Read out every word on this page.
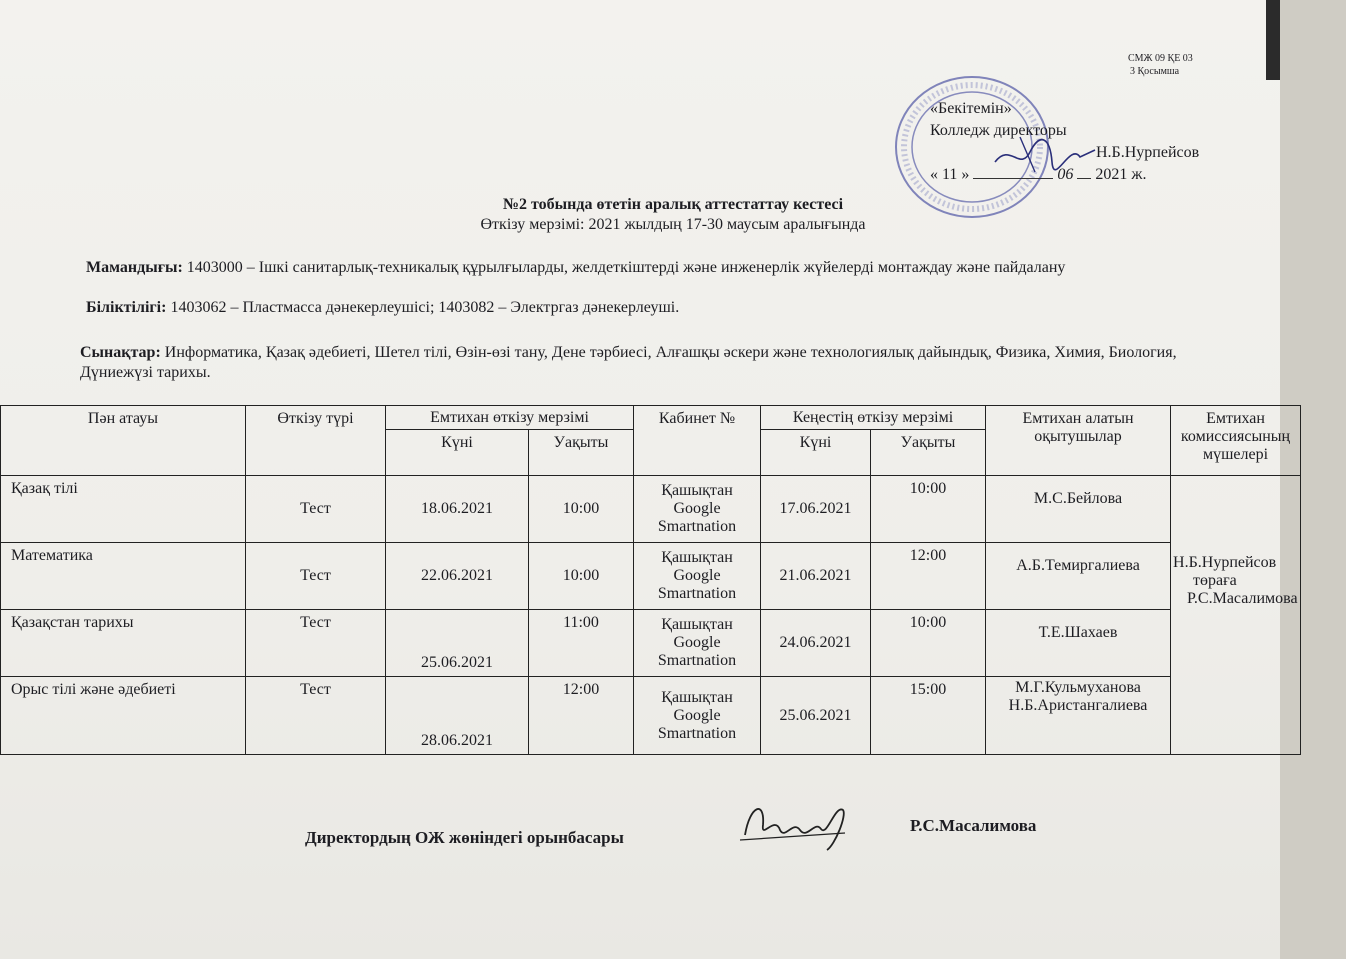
СМЖ 09 ҚЕ 03
3 Қосымша
«Бекітемін»
Колледж директоры
Н.Б.Нурпейсов
« 11 »	06 2021 ж.
№2 тобында өтетін аралық аттестаттау кестесі
Өткізу мерзімі: 2021 жылдың 17-30 маусым аралығында
Мамандығы: 1403000 – Ішкі санитарлық-техникалық құрылғыларды, желдеткіштерді және инженерлік жүйелерді монтаждау және пайдалану
Біліктілігі: 1403062 – Пластмасса дәнекерлеушісі; 1403082 – Электргаз дәнекерлеуші.
Сынақтар: Информатика, Қазақ әдебиеті, Шетел тілі, Өзін-өзі тану, Дене тәрбиесі, Алғашқы әскери және технологиялық дайындық, Физика, Химия, Биология, Дүниежүзі тарихы.
Пән атауы	Өткізу түрі	Емтихан өткізу мерзімі		Кабинет №	Кеңестің өткізу мерзімі		Емтихан алатын оқытушылар	Емтихан комиссиясының мүшелері
		Күні	Уақыты		Күні	Уақыты		
Қазақ тілі	Тест	18.06.2021	10:00	Қашықтан Google Smartnation	17.06.2021	10:00	М.С.Бейлова	Н.Б.Нурпейсов
төраға
Р.С.Масалимова

Математика	Тест	22.06.2021	10:00	Қашықтан Google Smartnation	21.06.2021	12:00	А.Б.Темиргалиева	
Қазақстан тарихы	Тест	25.06.2021	11:00	Қашықтан Google Smartnation	24.06.2021	10:00	Т.Е.Шахаев	
Орыс тілі және әдебиеті	Тест	28.06.2021	12:00	Қашықтан Google Smartnation	25.06.2021	15:00	М.Г.Кульмуханова Н.Б.Аристангалиева	
Директордың ОЖ жөніндегі орынбасары
Р.С.Масалимова
